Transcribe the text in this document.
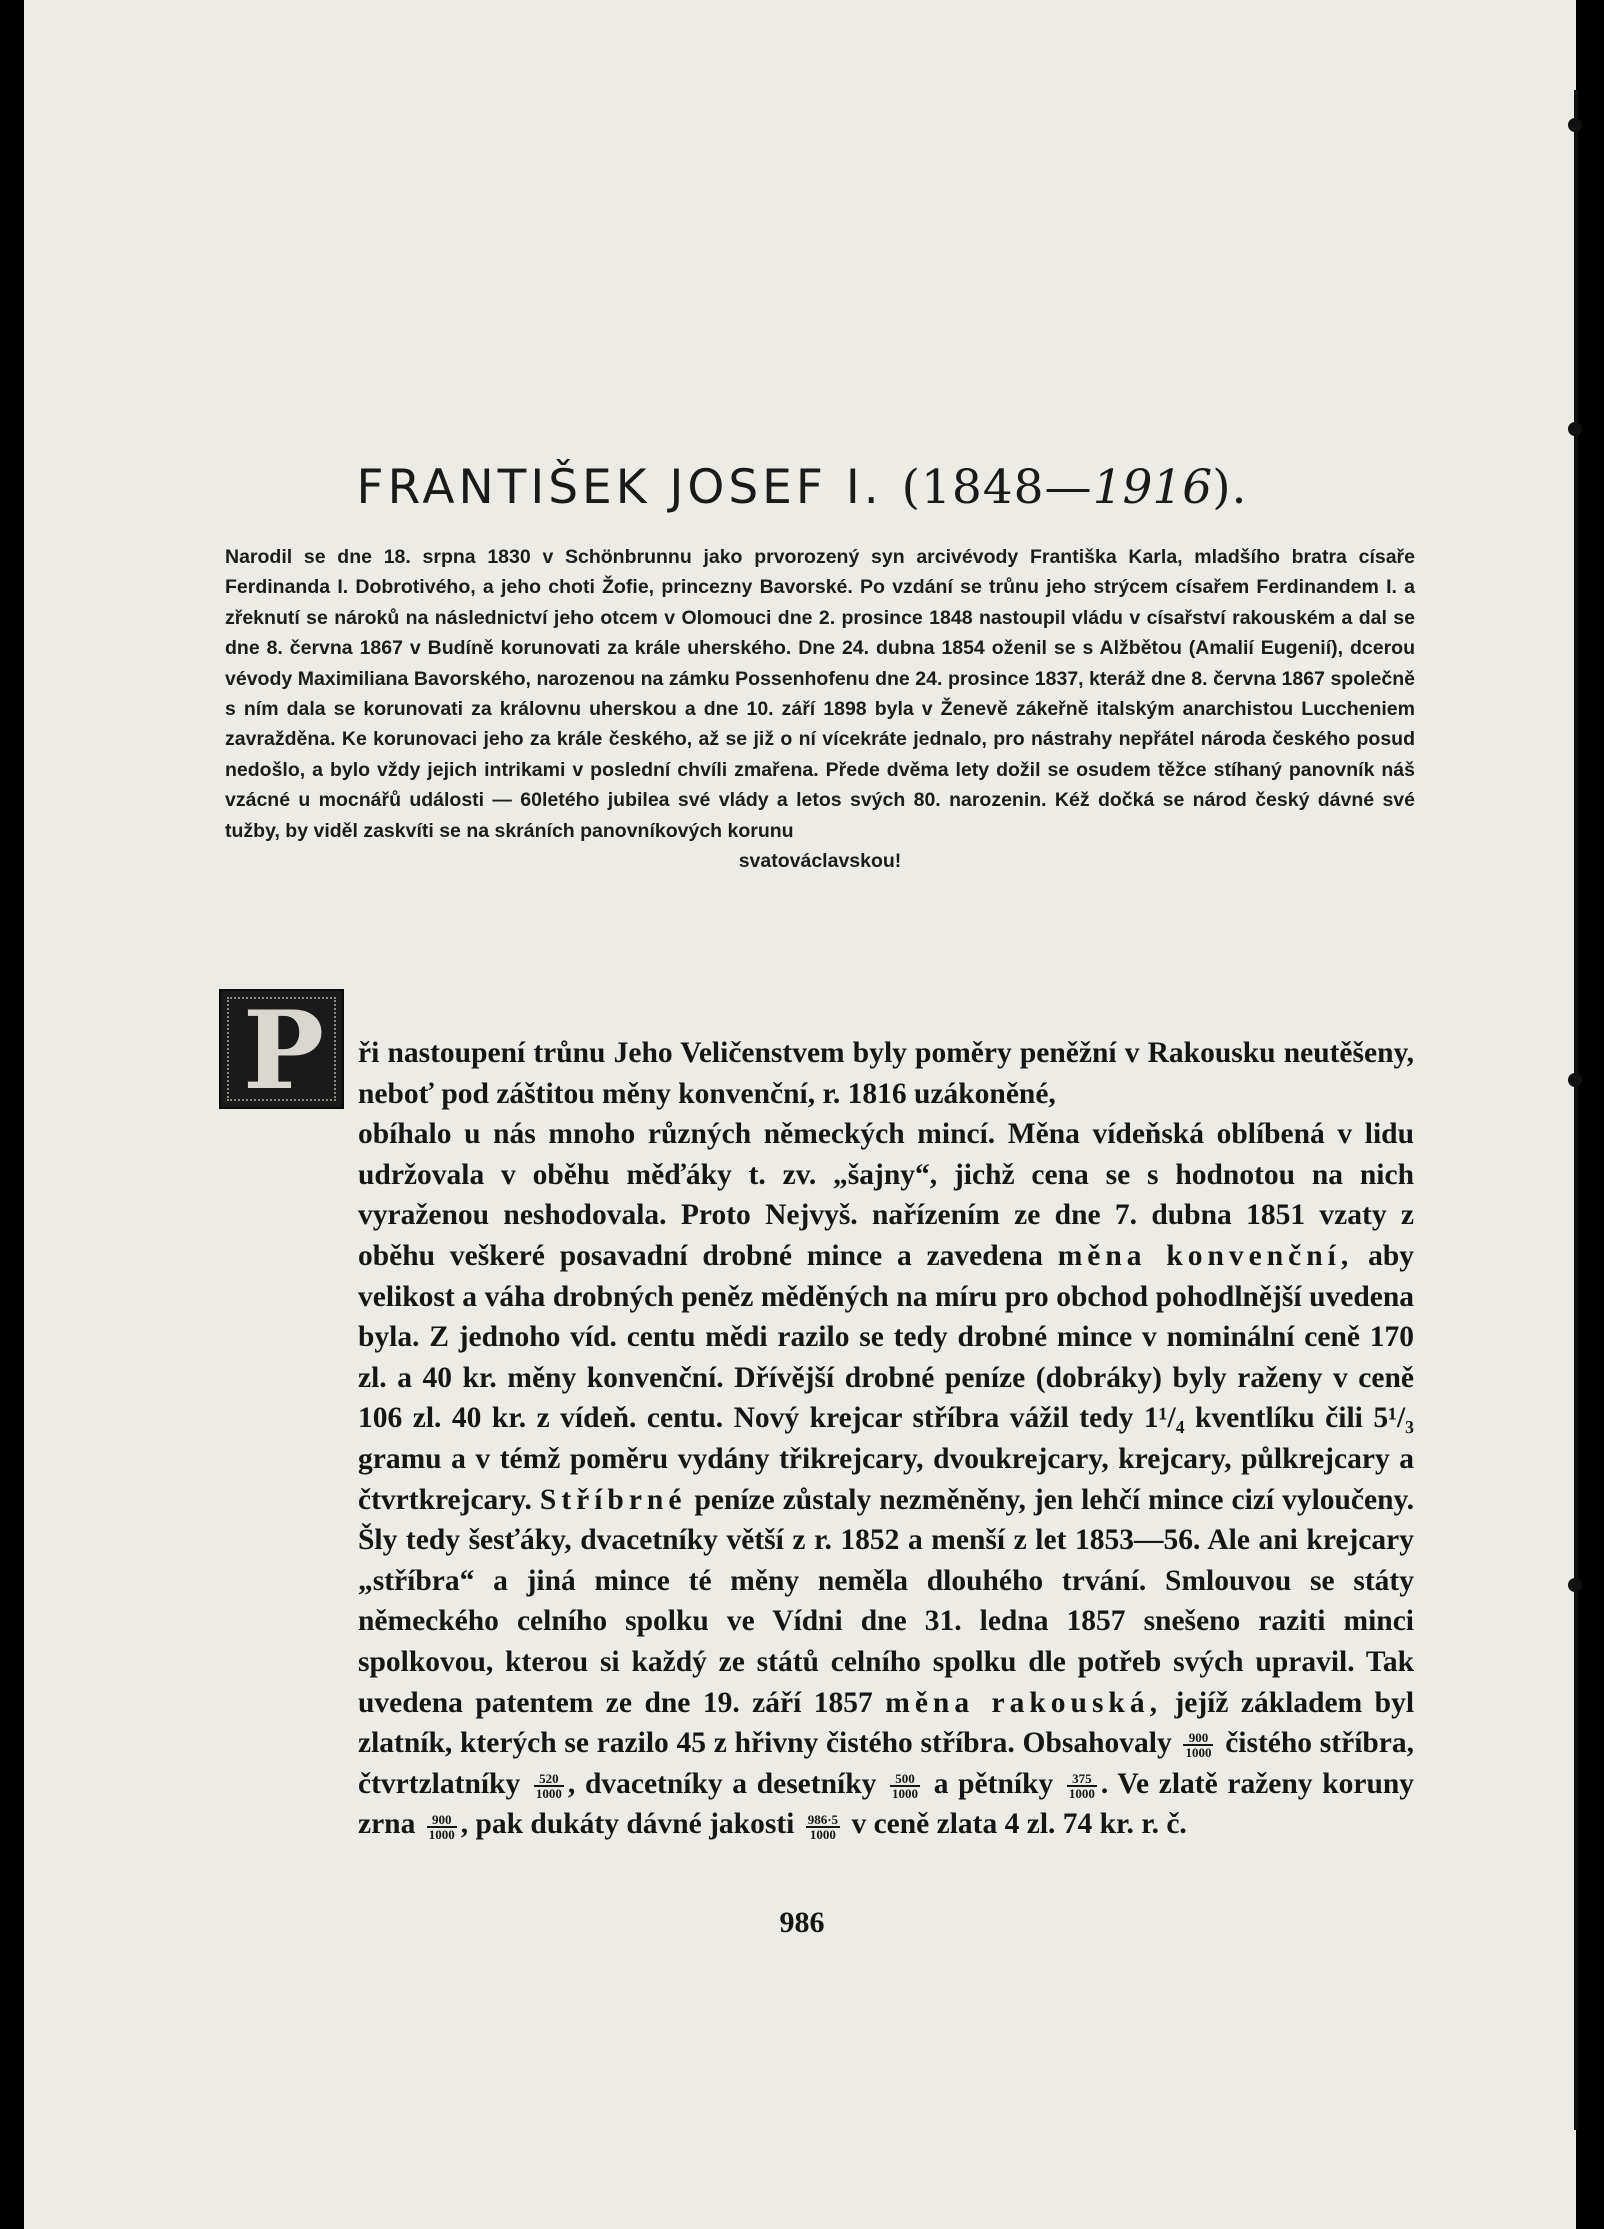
FRANTIŠEK JOSEF I. (1848—1916).
Narodil se dne 18. srpna 1830 v Schönbrunnu jako prvorozený syn arcivévody Františka Karla, mladšího bratra císaře Ferdinanda I. Dobrotivého, a jeho choti Žofie, princezny Bavorské. Po vzdání se trůnu jeho strýcem císařem Ferdinandem I. a zřeknutí se nároků na následnictví jeho otcem v Olomouci dne 2. prosince 1848 nastoupil vládu v císařství rakouském a dal se dne 8. června 1867 v Budíně korunovati za krále uherského. Dne 24. dubna 1854 oženil se s Alžbětou (Amalií Eugenií), dcerou vévody Maximiliana Bavorského, narozenou na zámku Possenhofenu dne 24. prosince 1837, kteráž dne 8. června 1867 společně s ním dala se korunovati za královnu uherskou a dne 10. září 1898 byla v Ženevě zákeřně italským anarchistou Luccheniem zavražděna. Ke korunovaci jeho za krále českého, až se již o ní vícekráte jednalo, pro nástrahy nepřátel národa českého posud nedošlo, a bylo vždy jejich intrikami v poslední chvíli zmařena. Předе dvěma lety dožil se osudem těžce stíhaný panovník náš vzácné u mocnářů události — 60letého jubilea své vlády a letos svých 80. narozenin. Kéž dočká se národ český dávné své tužby, by viděl zaskvíti se na skráních panovníkových korunu
svatováclavskou!
P	ři nastoupení trůnu Jeho Veličenstvem byly poměry peněžní v Rakousku neutěšeny, neboť pod záštitou měny konvenční, r. 1816 uzákoněné,
obíhalo u nás mnoho různých německých mincí. Měna vídeňská oblíbená v lidu udržovala v oběhu měďáky t. zv. „šajny“, jichž cena se s hodnotou na nich vyraženou neshodovala. Proto Nejvyš. nařízením ze dne 7. dubna 1851 vzaty z oběhu veškeré posavadní drobné mince a zavedena měna konvenční, aby velikost a váha drobných peněz měděných na míru pro obchod pohodlnější uvedena byla. Z jednoho víd. centu mědi razilo se tedy drobné mince v nominální ceně 170 zl. a 40 kr. měny konvenční. Dřívější drobné peníze (dobráky) byly raženy v ceně 106 zl. 40 kr. z vídeň. centu. Nový krejcar stříbra vážil tedy 1¹/₄ kventlíku čili 5¹/₃ gramu a v témž poměru vydány třikrejcary, dvoukrejcary, krejcary, půlkrejcary a čtvrtkrejcary. Stříbrné peníze zůstaly nezměněny, jen lehčí mince cizí vyloučeny. Šly tedy šesťáky, dvacetníky větší z r. 1852 a menší z let 1853—56. Ale ani krejcary „stříbra“ a jiná mince té měny neměla dlouhého trvání. Smlouvou se státy německého celního spolku ve Vídni dne 31. ledna 1857 snešeno raziti minci spolkovou, kterou si každý ze států celního spolku dle potřeb svých upravil. Tak uvedena patentem ze dne 19. září 1857 měna rakouská, jejíž základem byl zlatník, kterých se razilo 45 z hřivny čistého stříbra. Obsahovaly $\frac{900}{1000}$ čistého stříbra, čtvrtzlatníky $\frac{520}{1000}$ , dvacetníky a desetníky $\frac{500}{1000}$ a pětníky $\frac{375}{1000}$ . Ve zlatě raženy koruny zrna $\frac{900}{1000}$ , pak dukáty dávné jakosti $\frac{986\cdot 5}{1000}$ v ceně zlata 4 zl. 74 kr. r. č.
986
